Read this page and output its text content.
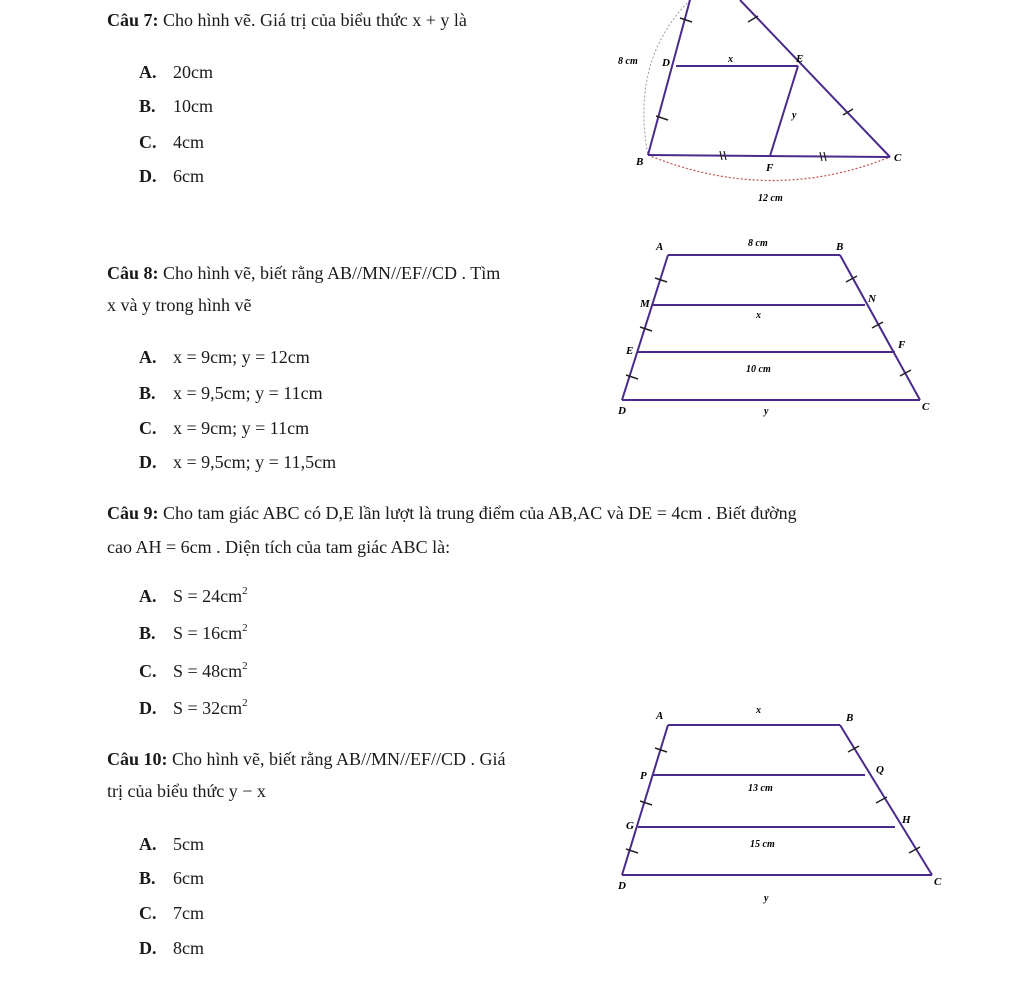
Câu 7: Cho hình vẽ. Giá trị của biểu thức x + y là
A. 20cm
B. 10cm
C. 4cm
D. 6cm
8 cm D	x	E
y
B	F
C
12 cm
Câu 8: Cho hình vẽ, biết rằng AB//MN//EF//CD . Tìm
x và y trong hình vẽ
A. x = 9cm; y = 12cm
B. x = 9,5cm; y = 11cm
C. x = 9cm; y = 11cm
D. x = 9,5cm; y = 11,5cm
A	8 cm	B
M	N
x
E	F
10 cm
D	C
y
Câu 9: Cho tam giác ABC có D,E lần lượt là trung điểm của AB,AC và DE = 4cm . Biết đường
cao AH = 6cm . Diện tích của tam giác ABC là:
A. $S = 24cm^2$
B. $S = 16cm^2$
C. $S = 48cm^2$
D. $S = 32cm^2$
Câu 10: Cho hình vẽ, biết rằng AB//MN//EF//CD . Giá
trị của biểu thức y − x
A. 5cm
B. 6cm
C. 7cm
D. 8cm
A	x
B
P	Q
13 cm
G	H
15 cm
D	C
y
